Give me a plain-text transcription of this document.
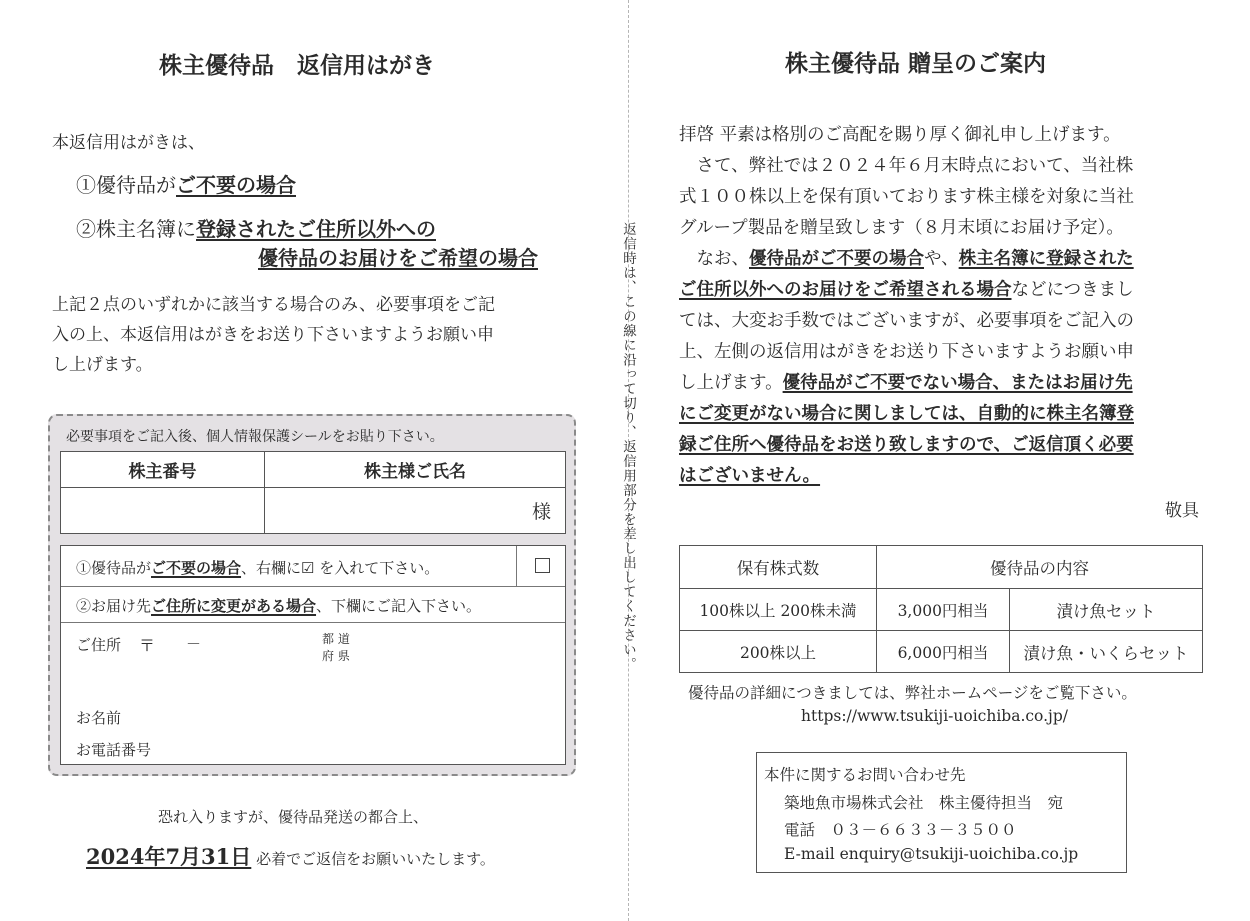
株主優待品　返信用はがき
本返信用はがきは、
①優待品がご不要の場合
②株主名簿に登録されたご住所以外への
優待品のお届けをご希望の場合
上記２点のいずれかに該当する場合のみ、必要事項をご記
入の上、本返信用はがきをお送り下さいますようお願い申
し上げます。
必要事項をご記入後、個人情報保護シールをお貼り下さい。
株主番号	株主様ご氏名
	様
①優待品がご不要の場合、右欄に☑ を入れて下さい。
②お届け先ご住所に変更がある場合、下欄にご記入下さい。
ご住所 〒 －	都 道
府 県
お名前
お電話番号
恐れ入りますが、優待品発送の都合上、
2024年7月31日 必着でご返信をお願いいたします。
返信時は、この線に沿って切り、返信用部分を差し出してください。
株主優待品 贈呈のご案内
拝啓 平素は格別のご高配を賜り厚く御礼申し上げます。
　さて、弊社では２０２４年６月末時点において、当社株
式１００株以上を保有頂いております株主様を対象に当社
グループ製品を贈呈致します（８月末頃にお届け予定）。
　なお、優待品がご不要の場合や、株主名簿に登録された
ご住所以外へのお届けをご希望される場合などにつきまし
ては、大変お手数ではございますが、必要事項をご記入の
上、左側の返信用はがきをお送り下さいますようお願い申
し上げます。優待品がご不要でない場合、またはお届け先
にご変更がない場合に関しましては、自動的に株主名簿登
録ご住所へ優待品をお送り致しますので、ご返信頂く必要
はございません。
敬具
保有株式数	優待品の内容	
100株以上 200株未満	3,000円相当	漬け魚セット
200株以上	6,000円相当	漬け魚・いくらセット
優待品の詳細につきましては、弊社ホームページをご覧下さい。
https://www.tsukiji-uoichiba.co.jp/
本件に関するお問い合わせ先
築地魚市場株式会社　株主優待担当　宛
電話　０３－６６３３－３５００
E-mail enquiry@tsukiji-uoichiba.co.jp
